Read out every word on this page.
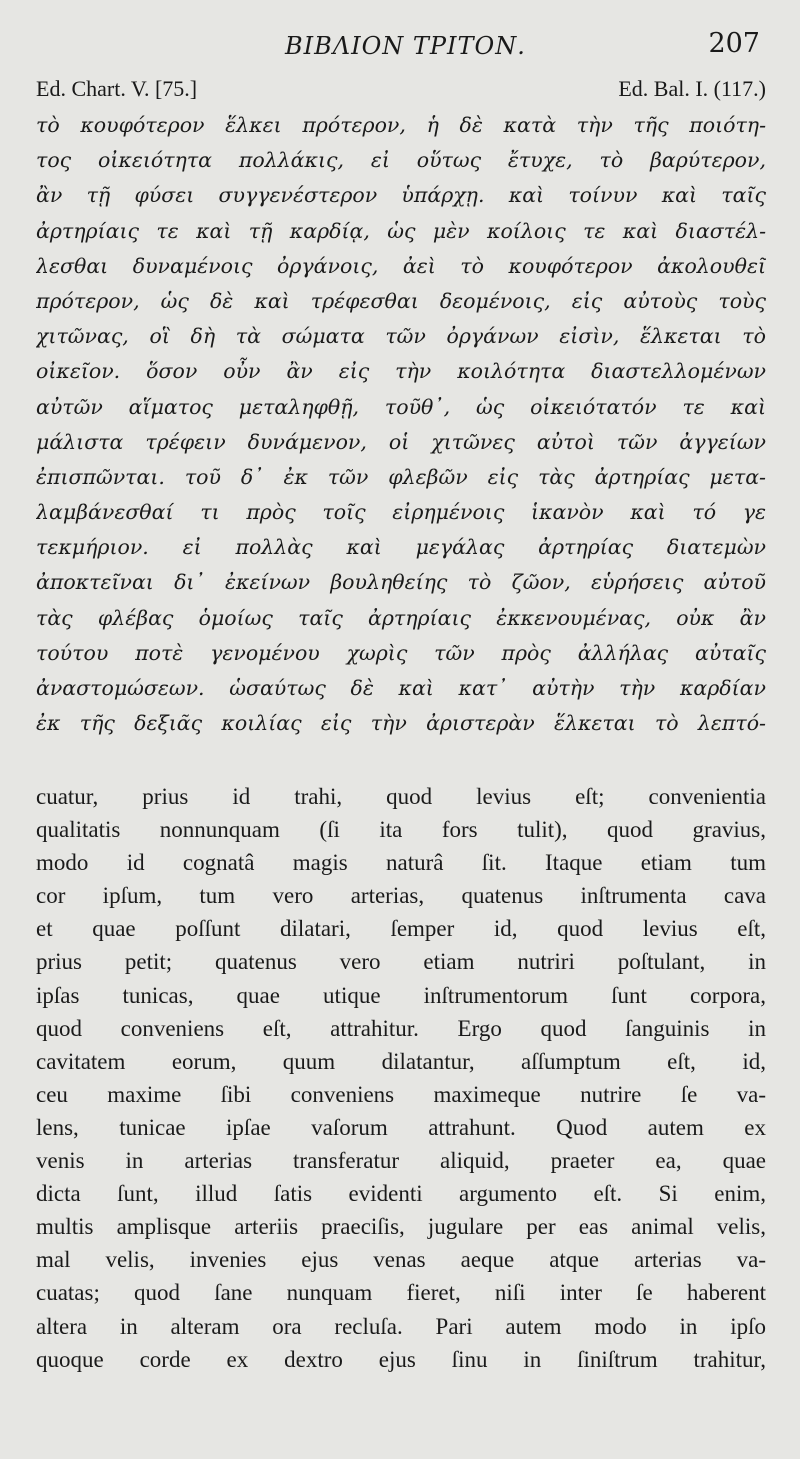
ΒΙΒΛΙΟΝ ΤΡΙΤΟΝ.	207
Ed. Chart. V. [75.]	Ed. Bal. I. (117.)
τὸ κουφότερον ἕλκει πρότερον, ἡ δὲ κατὰ τὴν τῆς ποιότη-
τος οἰκειότητα πολλάκις, εἰ οὕτως ἔτυχε, τὸ βαρύτερον,
ἂν τῇ φύσει συγγενέστερον ὑπάρχῃ. καὶ τοίνυν καὶ ταῖς
ἀρτηρίαις τε καὶ τῇ καρδίᾳ, ὡς μὲν κοίλοις τε καὶ διαστέλ-
λεσθαι δυναμένοις ὀργάνοις, ἀεὶ τὸ κουφότερον ἀκολουθεῖ
πρότερον, ὡς δὲ καὶ τρέφεσθαι δεομένοις, εἰς αὐτοὺς τοὺς
χιτῶνας, οἳ δὴ τὰ σώματα τῶν ὀργάνων εἰσὶν, ἕλκεται τὸ
οἰκεῖον. ὅσον οὖν ἂν εἰς τὴν κοιλότητα διαστελλομένων
αὐτῶν αἵματος μεταληφθῇ, τοῦθ᾽, ὡς οἰκειότατόν τε καὶ
μάλιστα τρέφειν δυνάμενον, οἱ χιτῶνες αὐτοὶ τῶν ἀγγείων
ἐπισπῶνται. τοῦ δ᾽ ἐκ τῶν φλεβῶν εἰς τὰς ἀρτηρίας μετα-
λαμβάνεσθαί τι πρὸς τοῖς εἰρημένοις ἱκανὸν καὶ τό γε
τεκμήριον. εἰ πολλὰς καὶ μεγάλας ἀρτηρίας διατεμὼν
ἀποκτεῖναι δι᾽ ἐκείνων βουληθείης τὸ ζῶον, εὑρήσεις αὐτοῦ
τὰς φλέβας ὁμοίως ταῖς ἀρτηρίαις ἐκκενουμένας, οὐκ ἂν
τούτου ποτὲ γενομένου χωρὶς τῶν πρὸς ἀλλήλας αὐταῖς
ἀναστομώσεων. ὡσαύτως δὲ καὶ κατ᾽ αὐτὴν τὴν καρδίαν
ἐκ τῆς δεξιᾶς κοιλίας εἰς τὴν ἀριστερὰν ἕλκεται τὸ λεπτό-
cuatur, prius id trahi, quod levius eſt; convenientia
qualitatis nonnunquam (ſi ita fors tulit), quod gravius,
modo id cognatâ magis naturâ ſit. Itaque etiam tum
cor ipſum, tum vero arterias, quatenus inſtrumenta cava
et quae poſſunt dilatari, ſemper id, quod levius eſt,
prius petit; quatenus vero etiam nutriri poſtulant, in
ipſas tunicas, quae utique inſtrumentorum ſunt corpora,
quod conveniens eſt, attrahitur. Ergo quod ſanguinis in
cavitatem eorum, quum dilatantur, aſſumptum eſt, id,
ceu maxime ſibi conveniens maximeque nutrire ſe va-
lens, tunicae ipſae vaſorum attrahunt. Quod autem ex
venis in arterias transferatur aliquid, praeter ea, quae
dicta ſunt, illud ſatis evidenti argumento eſt. Si enim,
multis amplisque arteriis praeciſis, jugulare per eas animal velis,
mal velis, invenies ejus venas aeque atque arterias va-
cuatas; quod ſane nunquam fieret, niſi inter ſe haberent
altera in alteram ora recluſa. Pari autem modo in ipſo
quoque corde ex dextro ejus ſinu in ſiniſtrum trahitur,
